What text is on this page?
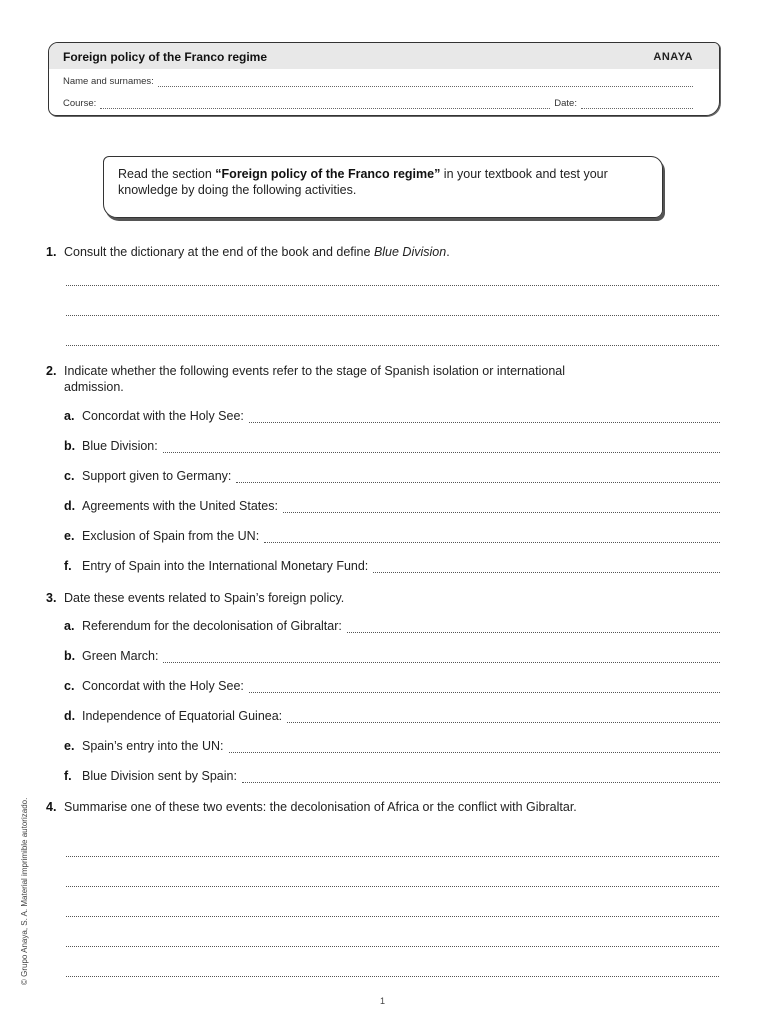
Foreign policy of the Franco regime	ANAYA
Name and surnames:
Course:	Date:
Read the section “Foreign policy of the Franco regime” in your textbook and test your knowledge by doing the following activities.
1. Consult the dictionary at the end of the book and define Blue Division.
2. Indicate whether the following events refer to the stage of Spanish isolation or international admission.
a. Concordat with the Holy See:
b. Blue Division:
c. Support given to Germany:
d. Agreements with the United States:
e. Exclusion of Spain from the UN:
f. Entry of Spain into the International Monetary Fund:
3. Date these events related to Spain’s foreign policy.
a. Referendum for the decolonisation of Gibraltar:
b. Green March:
c. Concordat with the Holy See:
d. Independence of Equatorial Guinea:
e. Spain’s entry into the UN:
f. Blue Division sent by Spain:
4. Summarise one of these two events: the decolonisation of Africa or the conflict with Gibraltar.
© Grupo Anaya, S. A. Material imprimible autorizado.
1
